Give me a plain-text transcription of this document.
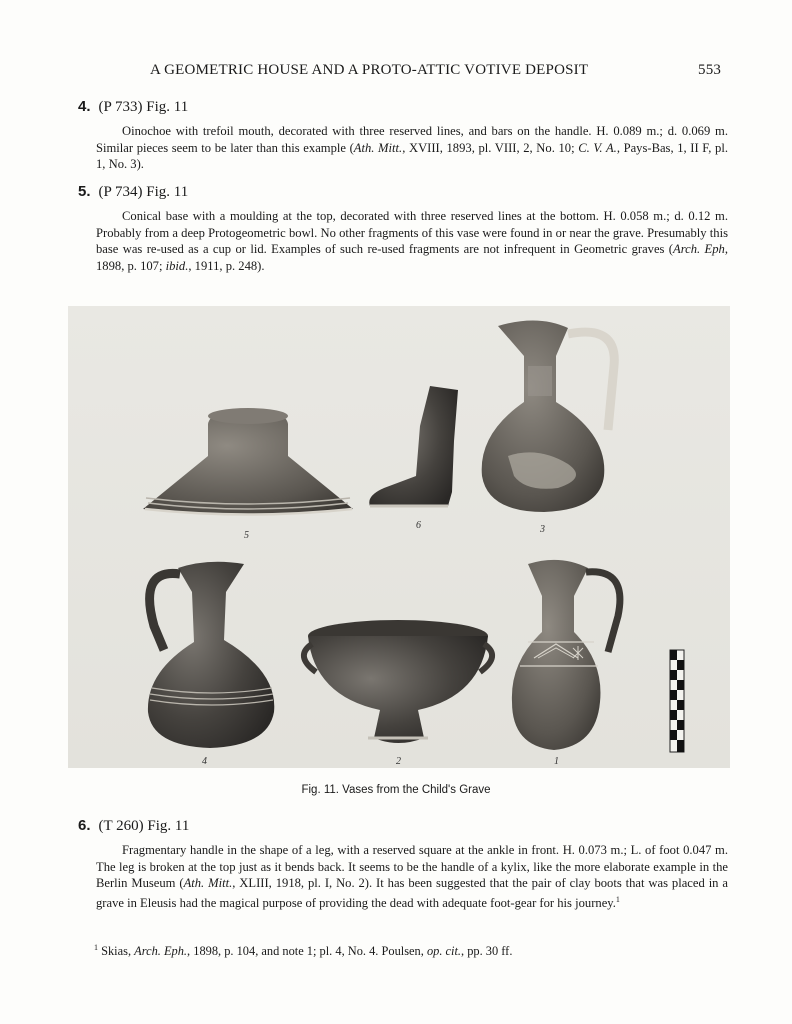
A GEOMETRIC HOUSE AND A PROTO-ATTIC VOTIVE DEPOSIT	553
4. (P 733) Fig. 11

Oinochoe with trefoil mouth, decorated with three reserved lines, and bars on the handle. H. 0.089 m.; d. 0.069 m. Similar pieces seem to be later than this example (Ath. Mitt., XVIII, 1893, pl. VIII, 2, No. 10; C. V. A., Pays-Bas, 1, II F, pl. 1, No. 3).

5. (P 734) Fig. 11

Conical base with a moulding at the top, decorated with three reserved lines at the bottom. H. 0.058 m.; d. 0.12 m. Probably from a deep Protogeometric bowl. No other fragments of this vase were found in or near the grave. Presumably this base was re-used as a cup or lid. Examples of such re-used fragments are not infrequent in Geometric graves (Arch. Eph, 1898, p. 107; ibid., 1911, p. 248).

5
6	3
4	2	1
Fig. 11. Vases from the Child's Grave
6. (T 260) Fig. 11

Fragmentary handle in the shape of a leg, with a reserved square at the ankle in front. H. 0.073 m.; L. of foot 0.047 m. The leg is broken at the top just as it bends back. It seems to be the handle of a kylix, like the more elaborate example in the Berlin Museum (Ath. Mitt., XLIII, 1918, pl. I, No. 2). It has been suggested that the pair of clay boots that was placed in a grave in Eleusis had the magical purpose of providing the dead with adequate foot-gear for his journey.$^1$

$^1$ Skias, Arch. Eph., 1898, p. 104, and note 1; pl. 4, No. 4. Poulsen, op. cit., pp. 30 ff.
